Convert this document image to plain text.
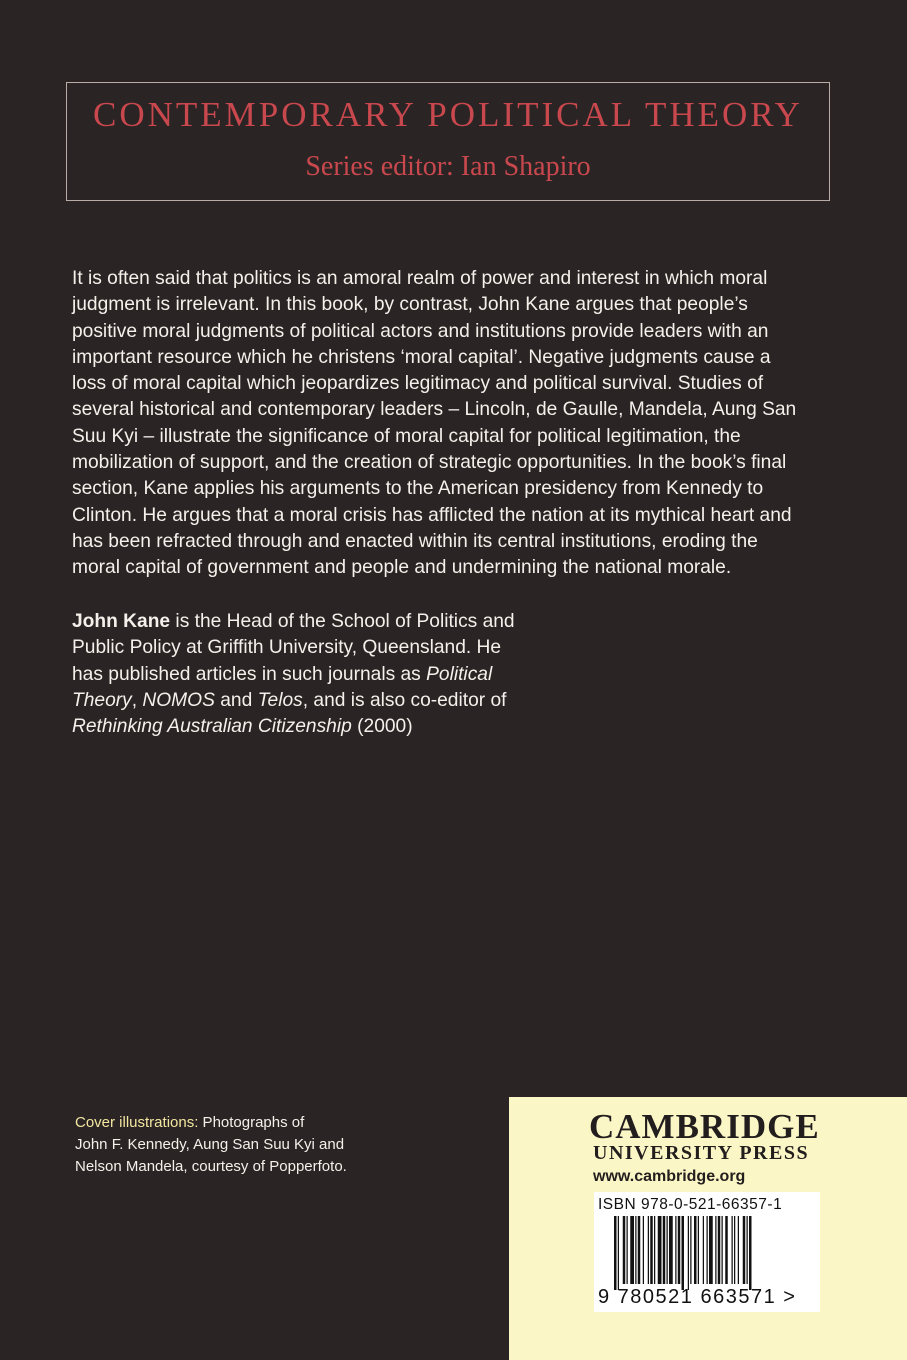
CONTEMPORARY POLITICAL THEORY
Series editor: Ian Shapiro
It is often said that politics is an amoral realm of power and interest in which moral
judgment is irrelevant. In this book, by contrast, John Kane argues that people’s
positive moral judgments of political actors and institutions provide leaders with an
important resource which he christens ‘moral capital’. Negative judgments cause a
loss of moral capital which jeopardizes legitimacy and political survival. Studies of
several historical and contemporary leaders – Lincoln, de Gaulle, Mandela, Aung San
Suu Kyi – illustrate the significance of moral capital for political legitimation, the
mobilization of support, and the creation of strategic opportunities. In the book’s final
section, Kane applies his arguments to the American presidency from Kennedy to
Clinton. He argues that a moral crisis has afflicted the nation at its mythical heart and
has been refracted through and enacted within its central institutions, eroding the
moral capital of government and people and undermining the national morale.
John Kane is the Head of the School of Politics and
Public Policy at Griffith University, Queensland. He
has published articles in such journals as Political
Theory, NOMOS and Telos, and is also co-editor of
Rethinking Australian Citizenship (2000)
Cover illustrations: Photographs of
John F. Kennedy, Aung San Suu Kyi and
Nelson Mandela, courtesy of Popperfoto.
CAMBRIDGE
UNIVERSITY PRESS
www.cambridge.org
ISBN 978-0-521-66357-1
9 780521 663571 >
